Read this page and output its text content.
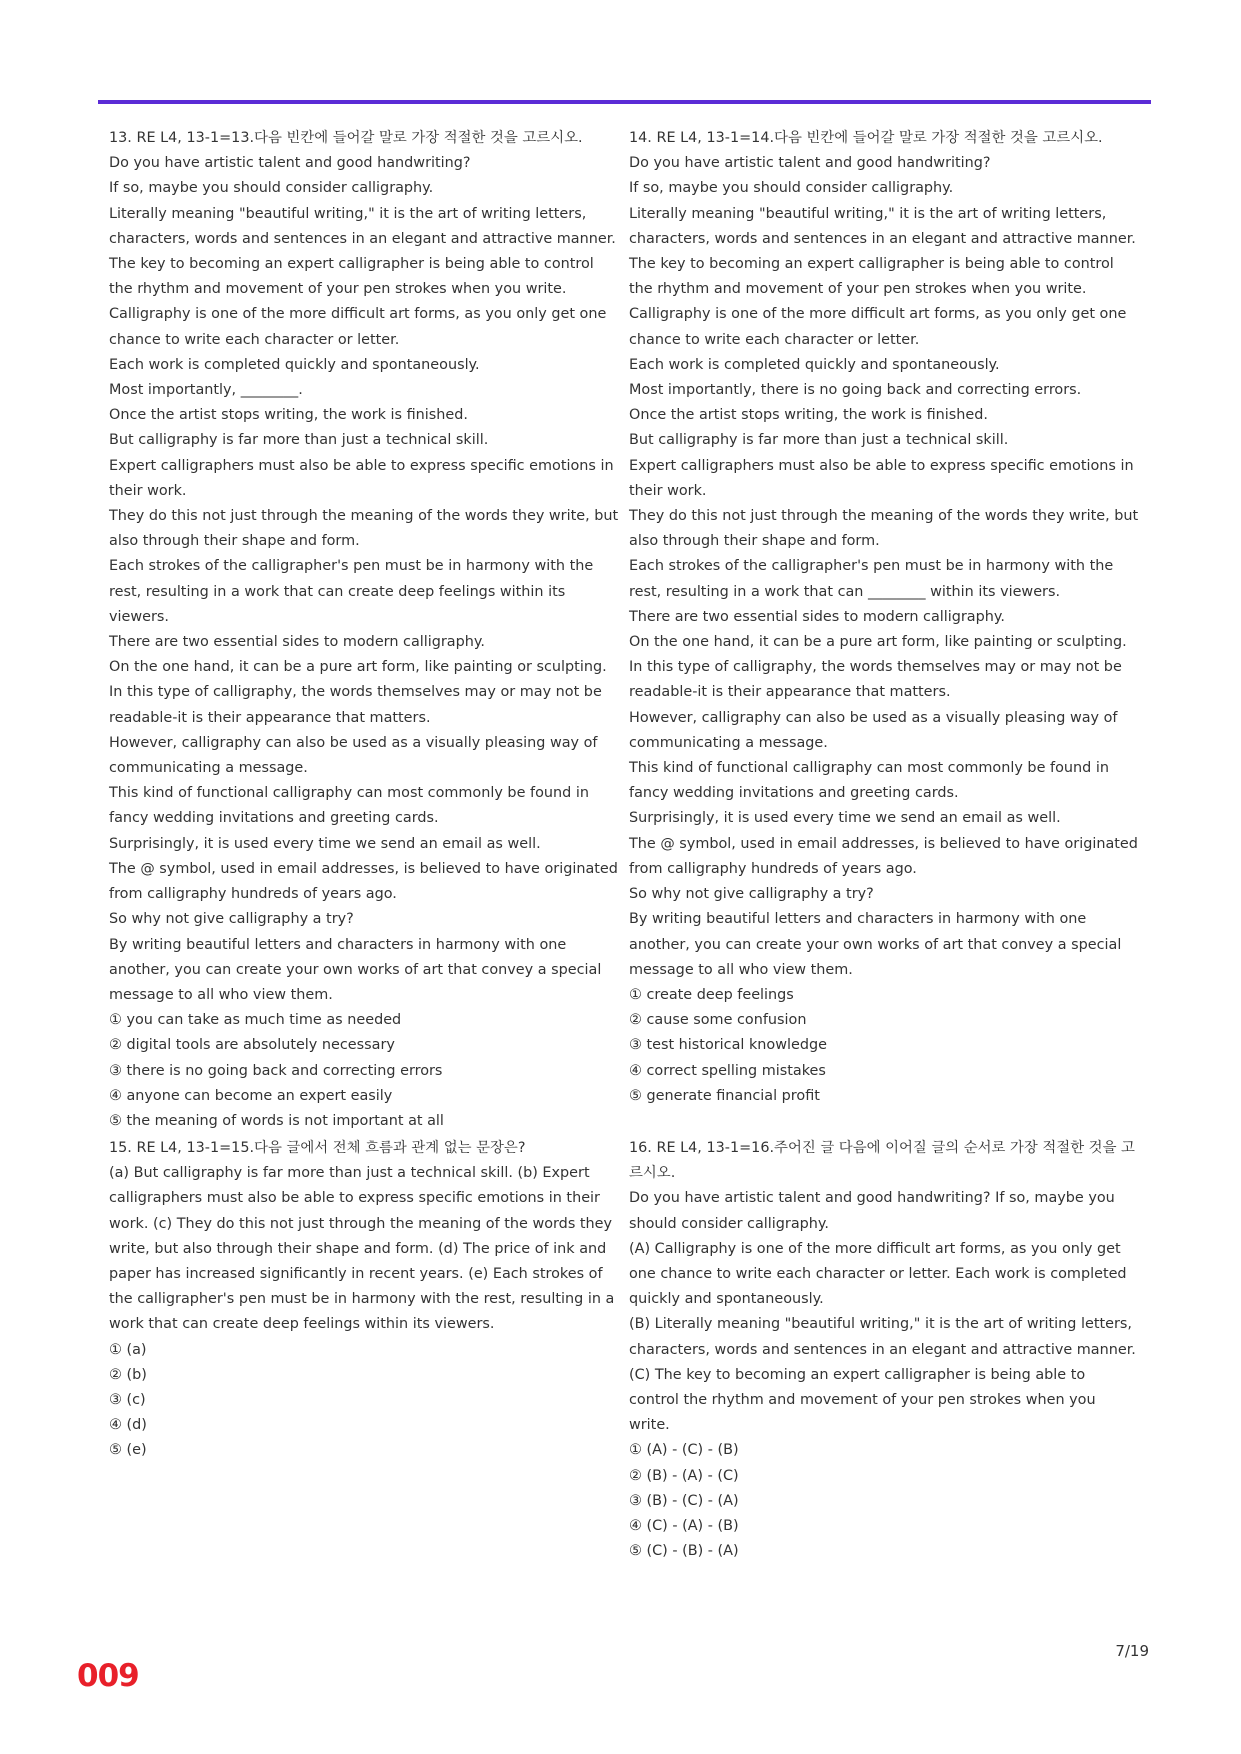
13. RE L4, 13-1=13.다음 빈칸에 들어갈 말로 가장 적절한 것을 고르시오.

Do you have artistic talent and good handwriting?

If so, maybe you should consider calligraphy.

Literally meaning "beautiful writing," it is the art of writing letters, characters, words and sentences in an elegant and attractive manner.

The key to becoming an expert calligrapher is being able to control the rhythm and movement of your pen strokes when you write.

Calligraphy is one of the more difficult art forms, as you only get one chance to write each character or letter.

Each work is completed quickly and spontaneously.

Most importantly, ________.

Once the artist stops writing, the work is finished.

But calligraphy is far more than just a technical skill.

Expert calligraphers must also be able to express specific emotions in their work.

They do this not just through the meaning of the words they write, but also through their shape and form.

Each strokes of the calligrapher's pen must be in harmony with the rest, resulting in a work that can create deep feelings within its viewers.

There are two essential sides to modern calligraphy.

On the one hand, it can be a pure art form, like painting or sculpting.

In this type of calligraphy, the words themselves may or may not be readable-it is their appearance that matters.

However, calligraphy can also be used as a visually pleasing way of communicating a message.

This kind of functional calligraphy can most commonly be found in fancy wedding invitations and greeting cards.

Surprisingly, it is used every time we send an email as well.

The @ symbol, used in email addresses, is believed to have originated from calligraphy hundreds of years ago.

So why not give calligraphy a try?

By writing beautiful letters and characters in harmony with one another, you can create your own works of art that convey a special message to all who view them.

① you can take as much time as needed

② digital tools are absolutely necessary

③ there is no going back and correcting errors

④ anyone can become an expert easily

⑤ the meaning of words is not important at all

14. RE L4, 13-1=14.다음 빈칸에 들어갈 말로 가장 적절한 것을 고르시오.

Do you have artistic talent and good handwriting?

If so, maybe you should consider calligraphy.

Literally meaning "beautiful writing," it is the art of writing letters, characters, words and sentences in an elegant and attractive manner.

The key to becoming an expert calligrapher is being able to control the rhythm and movement of your pen strokes when you write.

Calligraphy is one of the more difficult art forms, as you only get one chance to write each character or letter.

Each work is completed quickly and spontaneously.

Most importantly, there is no going back and correcting errors.

Once the artist stops writing, the work is finished.

But calligraphy is far more than just a technical skill.

Expert calligraphers must also be able to express specific emotions in their work.

They do this not just through the meaning of the words they write, but also through their shape and form.

Each strokes of the calligrapher's pen must be in harmony with the rest, resulting in a work that can ________ within its viewers.

There are two essential sides to modern calligraphy.

On the one hand, it can be a pure art form, like painting or sculpting.

In this type of calligraphy, the words themselves may or may not be readable-it is their appearance that matters.

However, calligraphy can also be used as a visually pleasing way of communicating a message.

This kind of functional calligraphy can most commonly be found in fancy wedding invitations and greeting cards.

Surprisingly, it is used every time we send an email as well.

The @ symbol, used in email addresses, is believed to have originated from calligraphy hundreds of years ago.

So why not give calligraphy a try?

By writing beautiful letters and characters in harmony with one another, you can create your own works of art that convey a special message to all who view them.

① create deep feelings

② cause some confusion

③ test historical knowledge

④ correct spelling mistakes

⑤ generate financial profit

15. RE L4, 13-1=15.다음 글에서 전체 흐름과 관계 없는 문장은?

(a) But calligraphy is far more than just a technical skill. (b) Expert calligraphers must also be able to express specific emotions in their work. (c) They do this not just through the meaning of the words they write, but also through their shape and form. (d) The price of ink and paper has increased significantly in recent years. (e) Each strokes of the calligrapher's pen must be in harmony with the rest, resulting in a work that can create deep feelings within its viewers.

① (a)

② (b)

③ (c)

④ (d)

⑤ (e)

16. RE L4, 13-1=16.주어진 글 다음에 이어질 글의 순서로 가장 적절한 것을 고르시오.

Do you have artistic talent and good handwriting? If so, maybe you should consider calligraphy.

(A) Calligraphy is one of the more difficult art forms, as you only get one chance to write each character or letter. Each work is completed quickly and spontaneously.

(B) Literally meaning "beautiful writing," it is the art of writing letters, characters, words and sentences in an elegant and attractive manner.

(C) The key to becoming an expert calligrapher is being able to control the rhythm and movement of your pen strokes when you write.

① (A) - (C) - (B)

② (B) - (A) - (C)

③ (B) - (C) - (A)

④ (C) - (A) - (B)

⑤ (C) - (B) - (A)

7/19
009
